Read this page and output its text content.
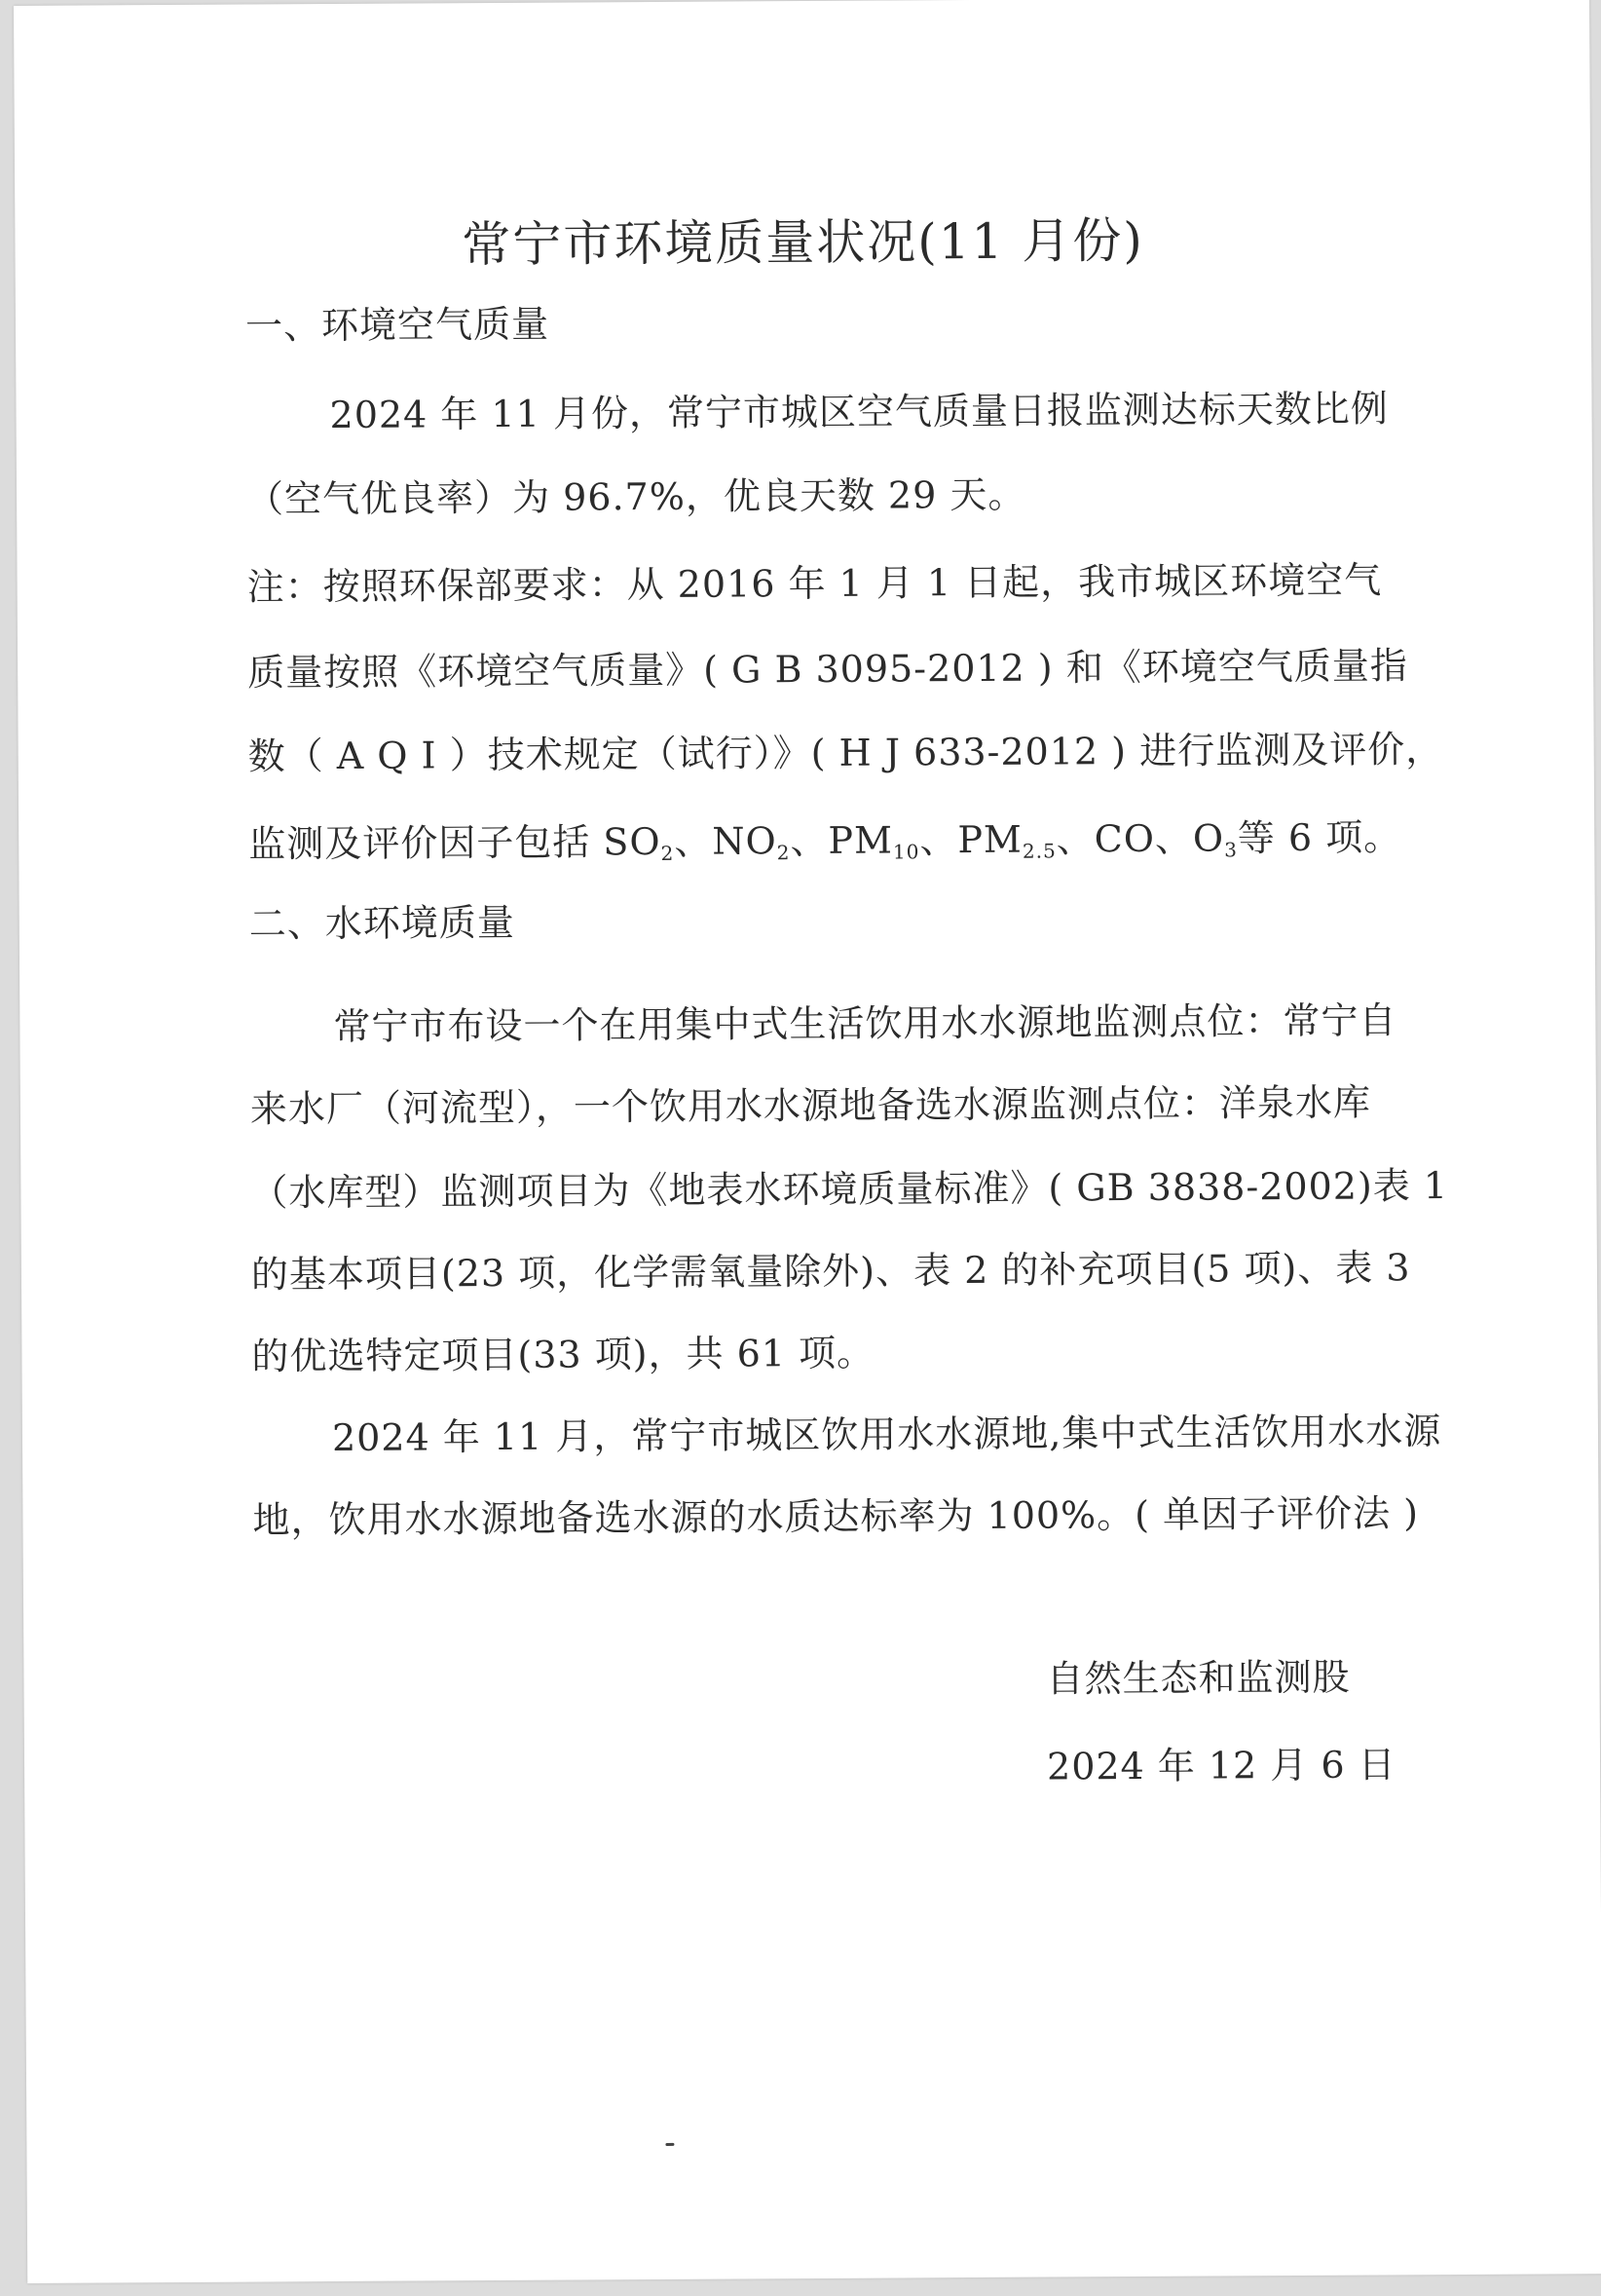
常宁市环境质量状况(11 月份)
一、环境空气质量
2024 年 11 月份，常宁市城区空气质量日报监测达标天数比例
（空气优良率）为 96.7%，优良天数 29 天。
注：按照环保部要求：从 2016 年 1 月 1 日起，我市城区环境空气
质量按照《环境空气质量》( G B 3095-2012 ) 和《环境空气质量指
数（ A Q I ）技术规定（试行）》( H J 633-2012 ) 进行监测及评价，
监测及评价因子包括 $SO_2$、$NO_2$、$PM_{10}$、$PM_{2.5}$、CO、$O_3$等 6 项。
二、水环境质量
常宁市布设一个在用集中式生活饮用水水源地监测点位：常宁自
来水厂（河流型），一个饮用水水源地备选水源监测点位：洋泉水库
（水库型）监测项目为《地表水环境质量标准》( GB 3838-2002)表 1
的基本项目(23 项，化学需氧量除外)、表 2 的补充项目(5 项)、表 3
的优选特定项目(33 项)，共 61 项。
2024 年 11 月，常宁市城区饮用水水源地,集中式生活饮用水水源
地，饮用水水源地备选水源的水质达标率为 100%。( 单因子评价法 )
自然生态和监测股
2024 年 12 月 6 日
